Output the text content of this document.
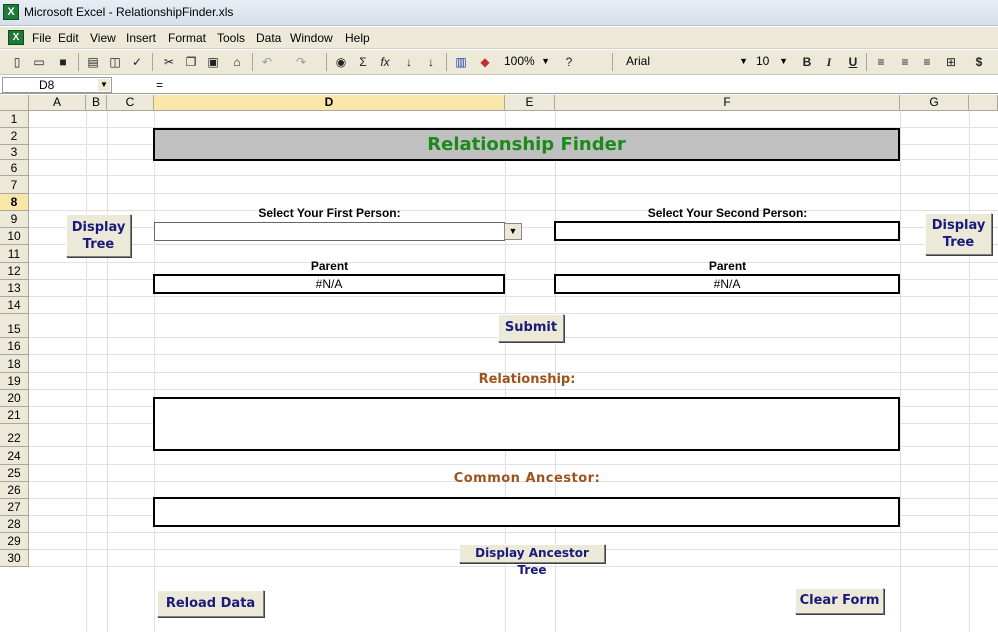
X Microsoft Excel - RelationshipFinder.xls
X	File Edit View Insert Format Tools Data Window Help
▯	▭	■	▤ ◫ ✓	✂ ❐ ▣	⌂	↶	↷	◉	Σ	fx	↓	↓	▥	◆	100% ▼	?	Arial	▼ 10 ▼	B	I	U	≡	≡	≡	⊞	$
D8	▼	=
A	B	C	D	E	F	G
1
2
3
6
7
8
9
10
11
12
13
14
15
16
18
19
20
21
22
24
25
26
27
28
29
30
Relationship Finder
Select Your First Person:	Select Your Second Person:
▼
Parent	Parent
#N/A	#N/A
Relationship:
Common Ancestor:
Display
Tree
Display
Tree
Submit
Display Ancestor Tree
Reload Data	Clear Form
